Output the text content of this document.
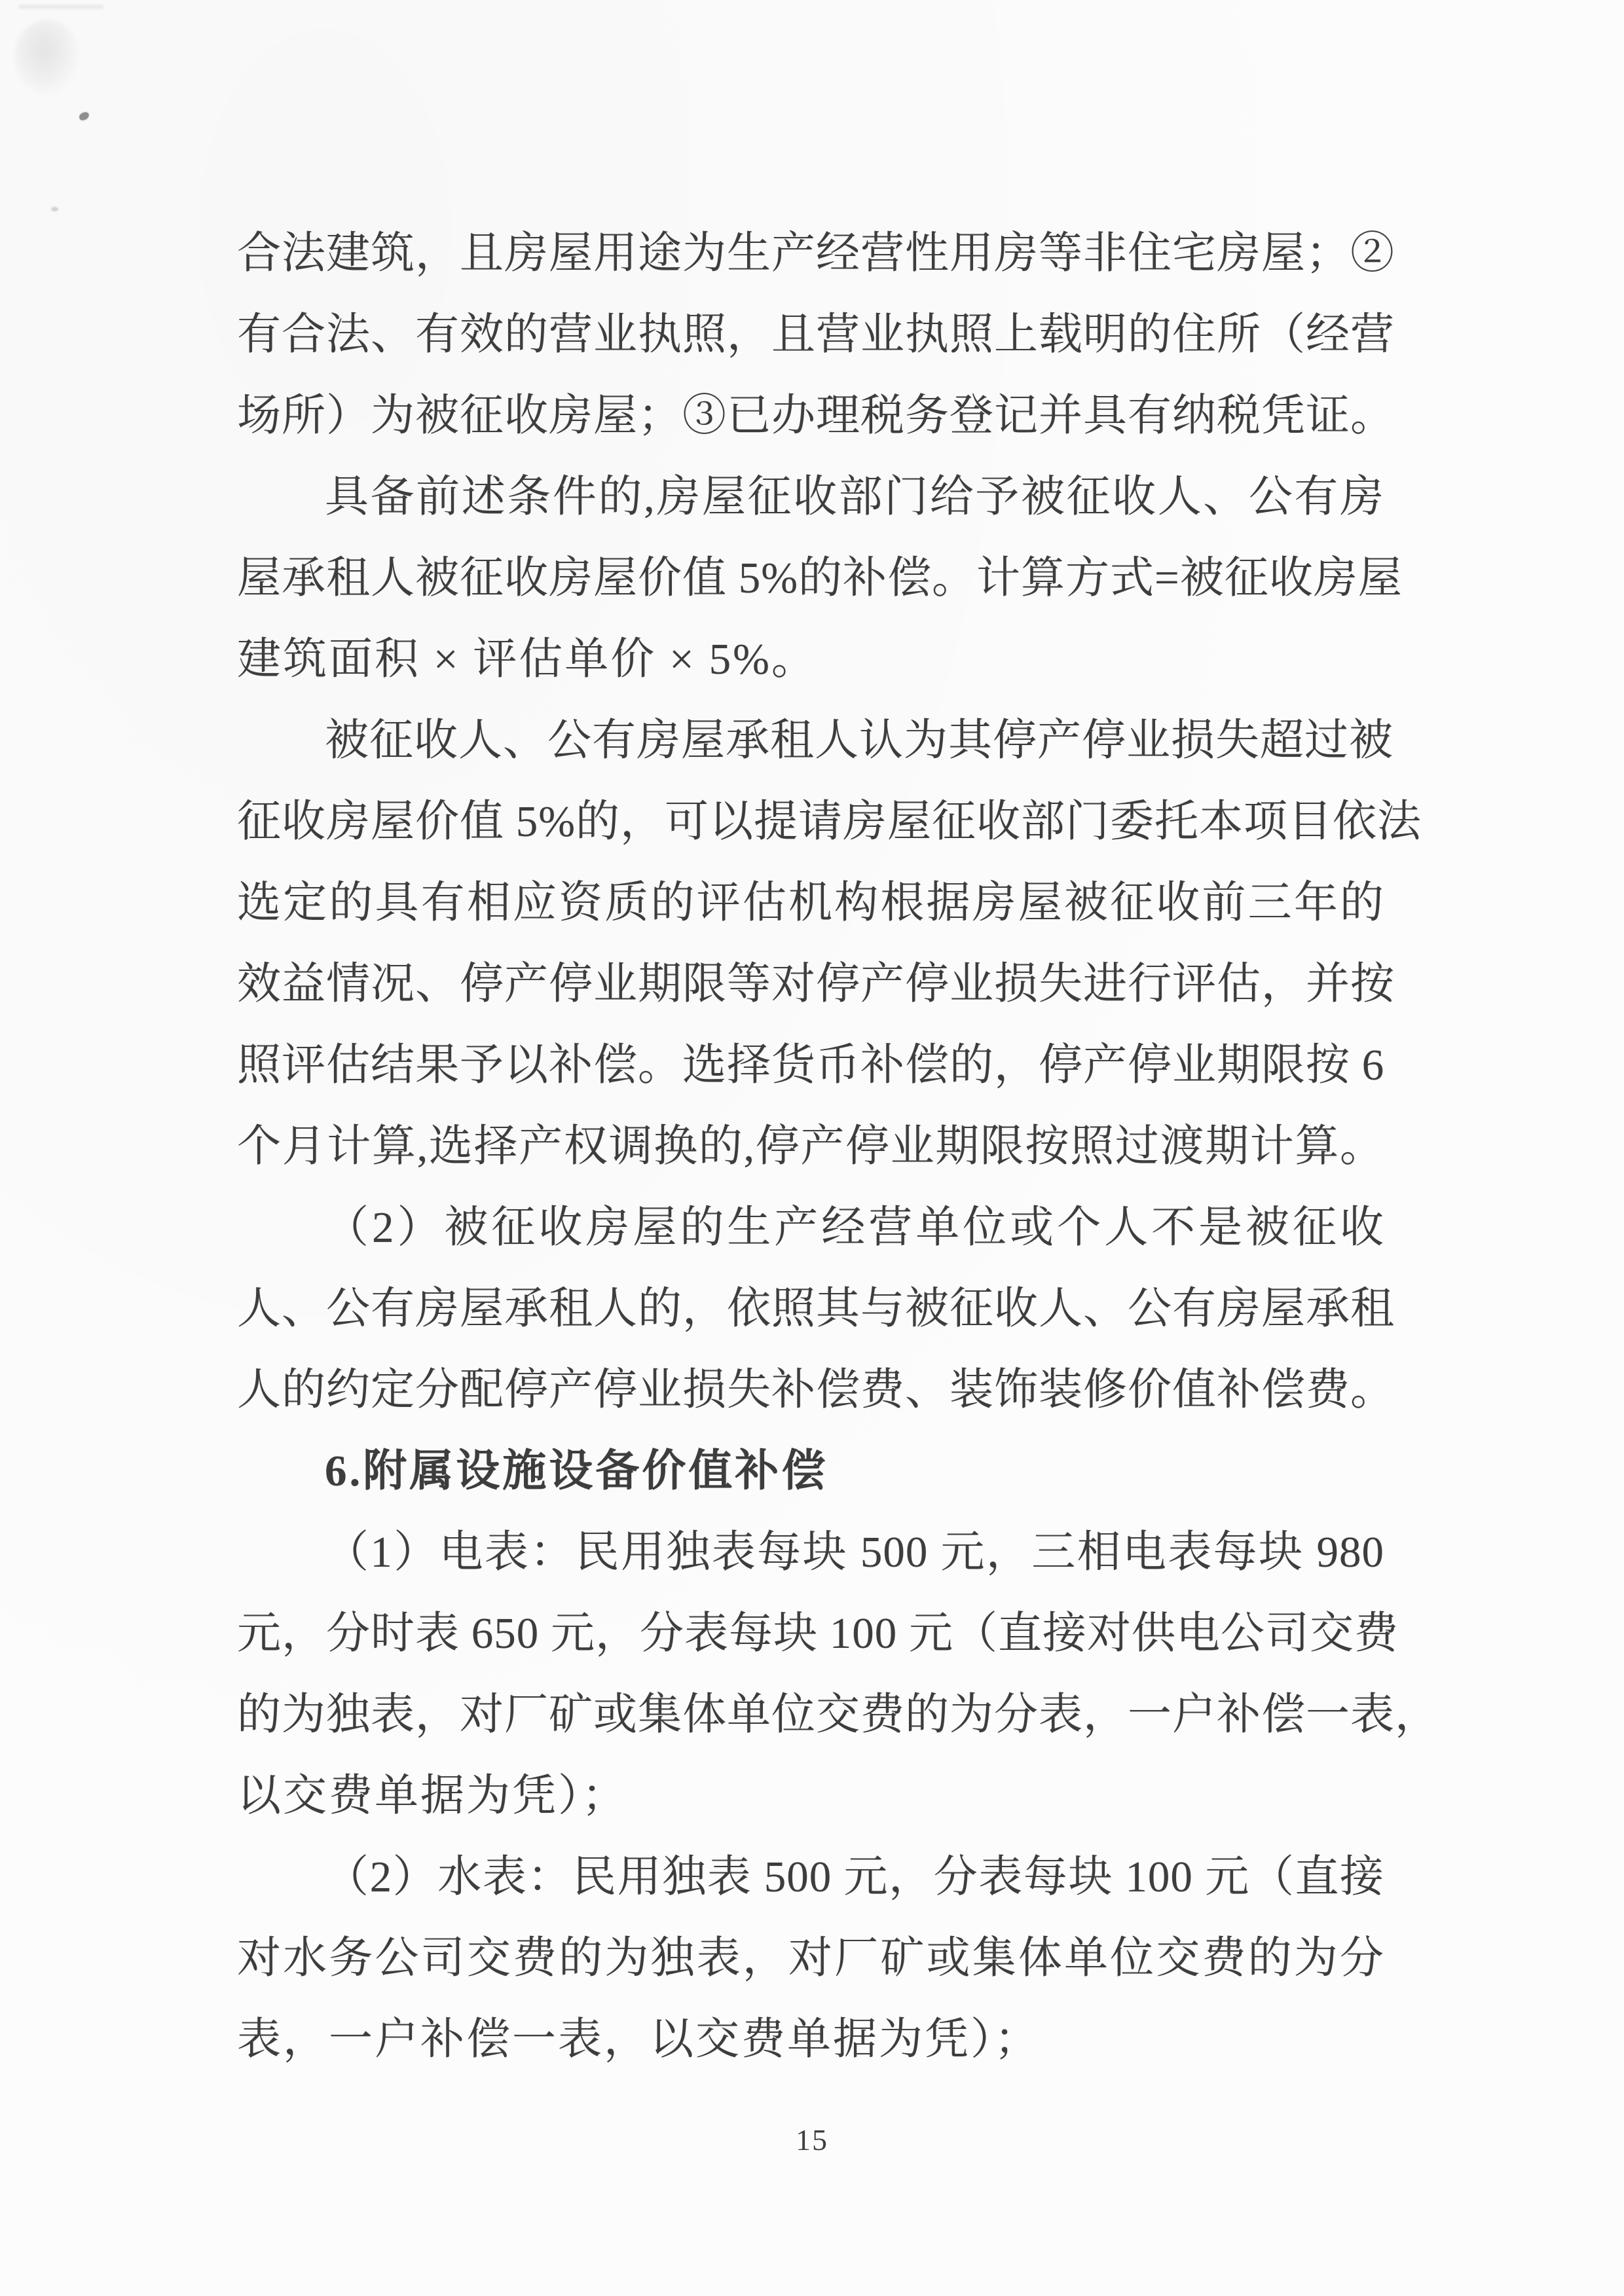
合法建筑，且房屋用途为生产经营性用房等非住宅房屋；②
有合法、有效的营业执照，且营业执照上载明的住所（经营
场所）为被征收房屋；③已办理税务登记并具有纳税凭证。
具备前述条件的,房屋征收部门给予被征收人、公有房
屋承租人被征收房屋价值 5%的补偿。计算方式=被征收房屋
建筑面积 × 评估单价 × 5%。
被征收人、公有房屋承租人认为其停产停业损失超过被
征收房屋价值 5%的，可以提请房屋征收部门委托本项目依法
选定的具有相应资质的评估机构根据房屋被征收前三年的
效益情况、停产停业期限等对停产停业损失进行评估，并按
照评估结果予以补偿。选择货币补偿的，停产停业期限按 6
个月计算,选择产权调换的,停产停业期限按照过渡期计算。
（2）被征收房屋的生产经营单位或个人不是被征收
人、公有房屋承租人的，依照其与被征收人、公有房屋承租
人的约定分配停产停业损失补偿费、装饰装修价值补偿费。
6.附属设施设备价值补偿
（1）电表：民用独表每块 500 元，三相电表每块 980
元，分时表 650 元，分表每块 100 元（直接对供电公司交费
的为独表，对厂矿或集体单位交费的为分表，一户补偿一表，
以交费单据为凭）；
（2）水表：民用独表 500 元，分表每块 100 元（直接
对水务公司交费的为独表，对厂矿或集体单位交费的为分
表，一户补偿一表，以交费单据为凭）；
15
